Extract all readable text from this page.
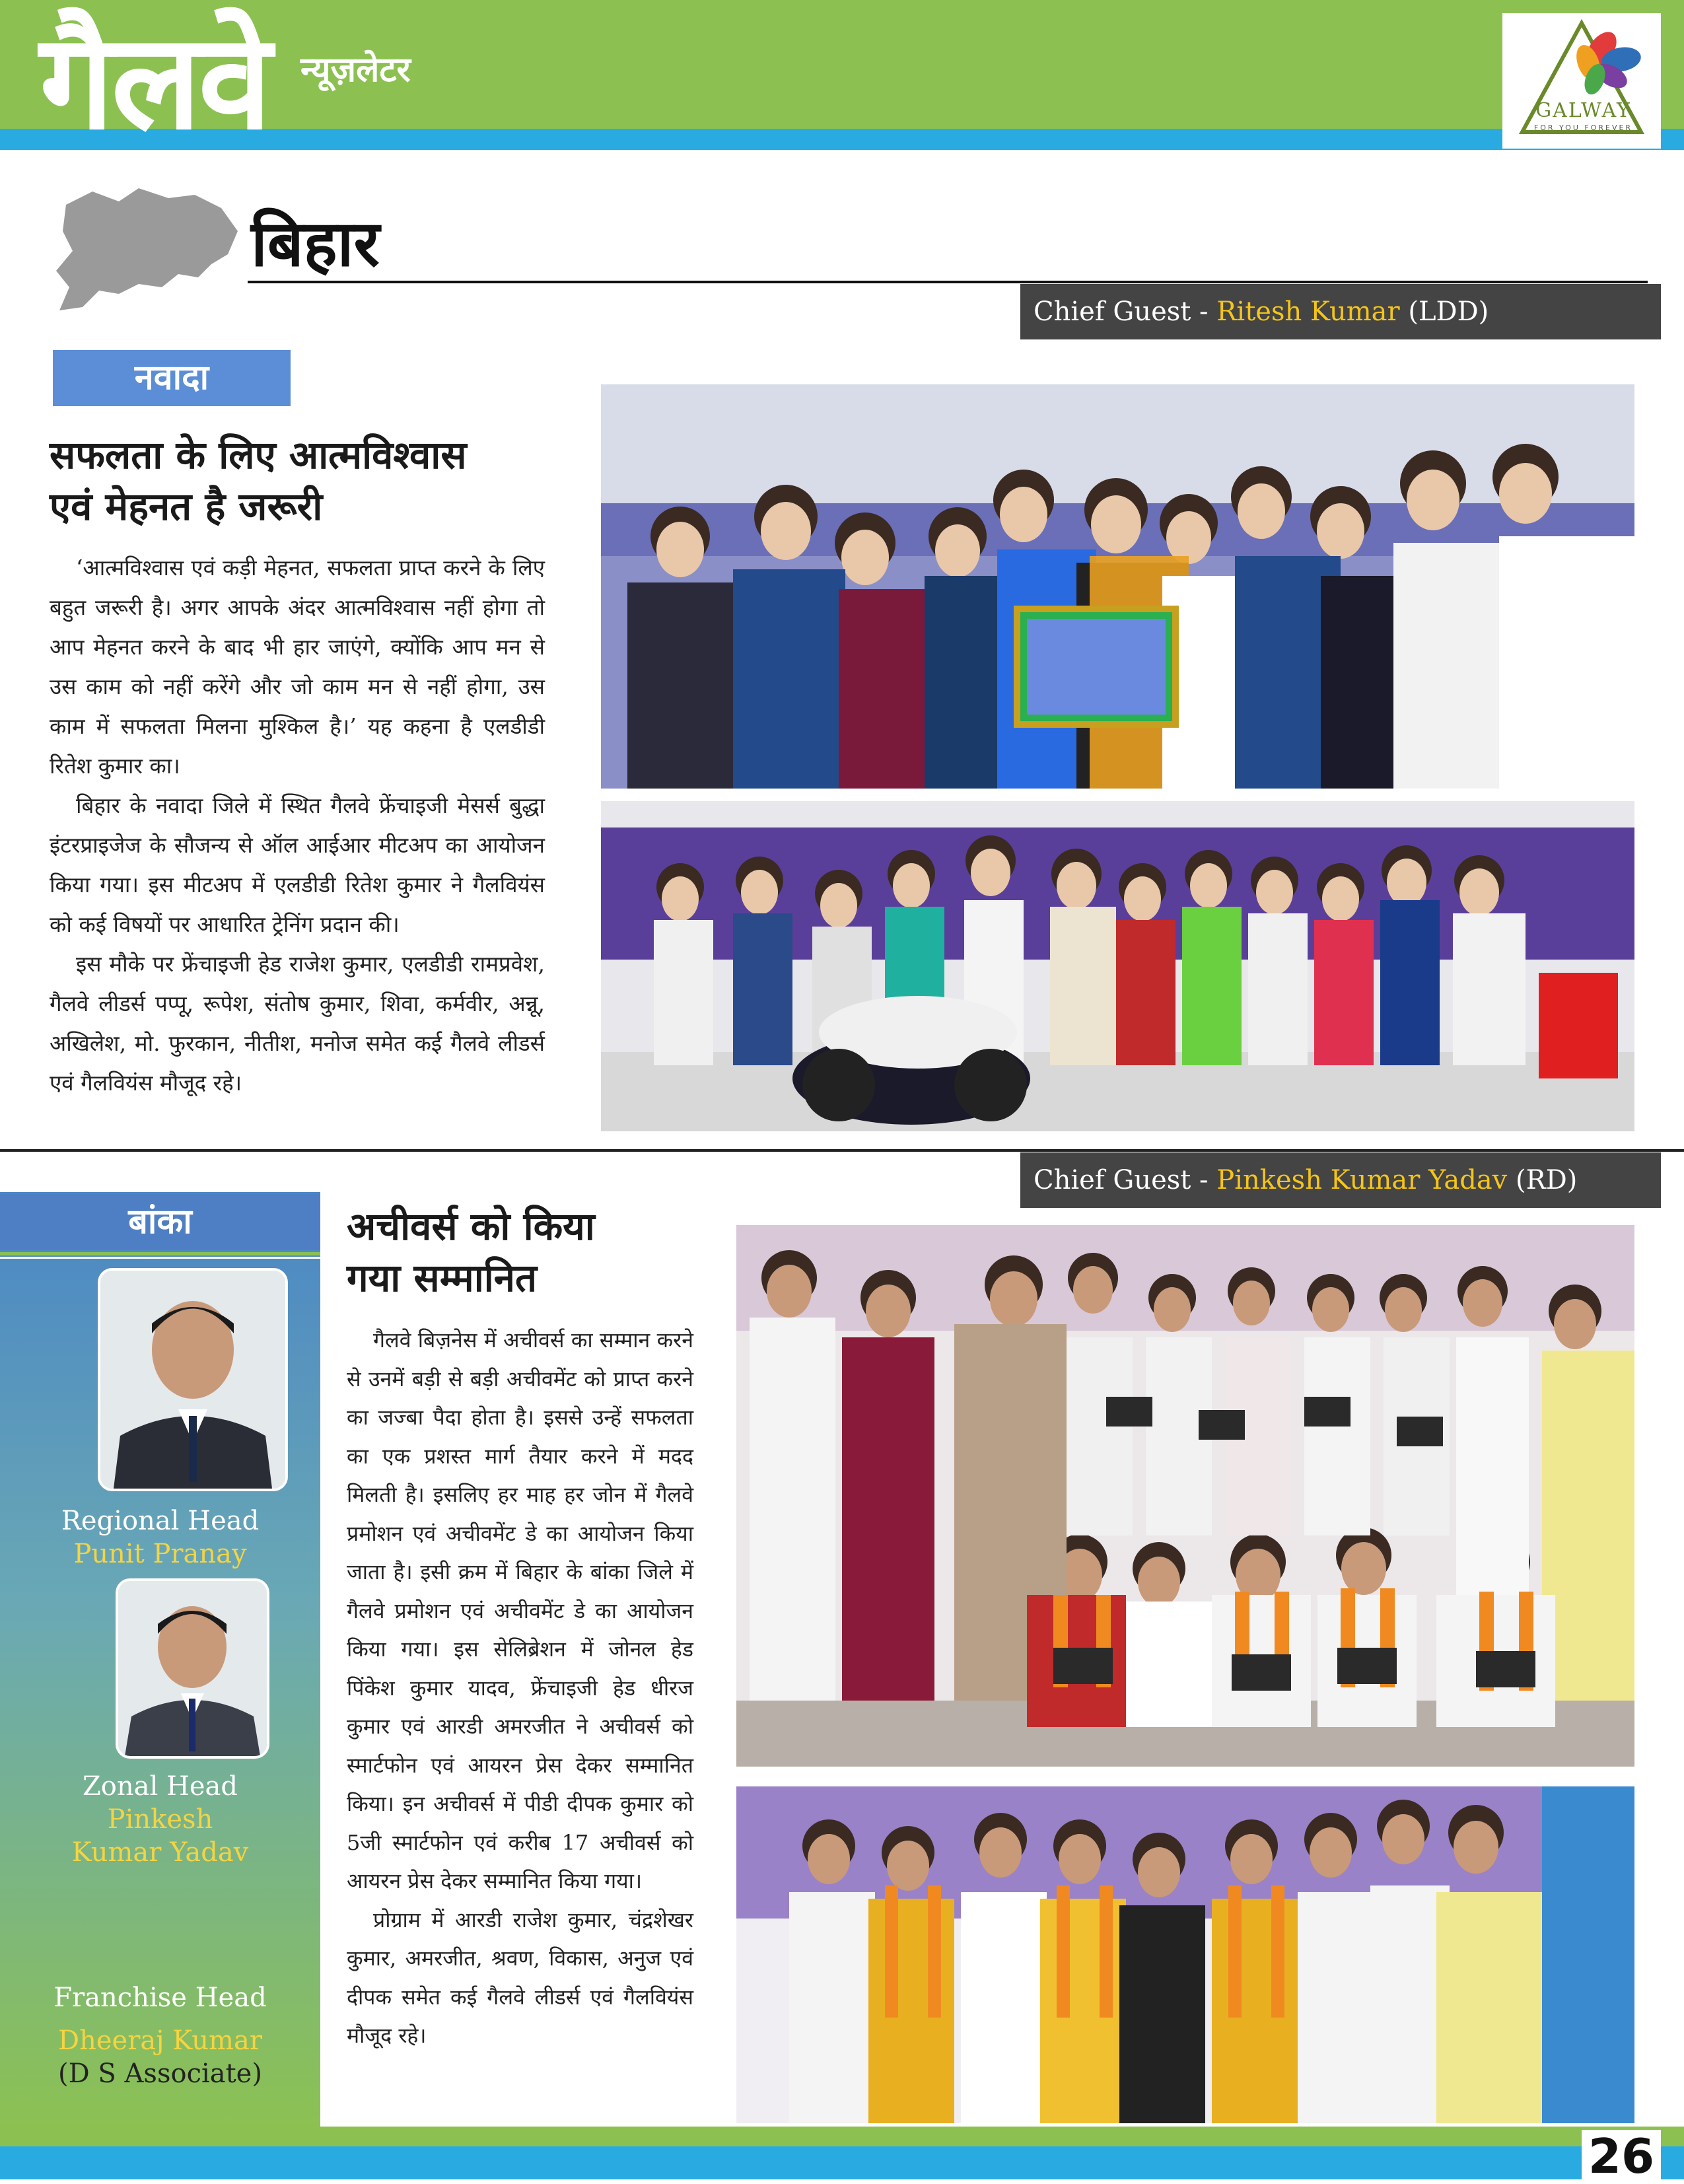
गैलवे न्यूज़लेटर
GALWAY
FOR YOU FOREVER
बिहार
Chief Guest - Ritesh Kumar (LDD)
नवादा
सफलता के लिए आत्मविश्वास
एवं मेहनत है जरूरी

‘आत्मविश्वास एवं कड़ी मेहनत, सफलता प्राप्त करने के लिए बहुत जरूरी है। अगर आपके अंदर आत्मविश्वास नहीं होगा तो आप मेहनत करने के बाद भी हार जाएंगे, क्योंकि आप मन से उस काम को नहीं करेंगे और जो काम मन से नहीं होगा, उस काम में सफलता मिलना मुश्किल है।’ यह कहना है एलडीडी रितेश कुमार का।

बिहार के नवादा जिले में स्थित गैलवे फ्रेंचाइजी मेसर्स बुद्धा इंटरप्राइजेज के सौजन्य से ऑल आईआर मीटअप का आयोजन किया गया। इस मीटअप में एलडीडी रितेश कुमार ने गैलवियंस को कई विषयों पर आधारित ट्रेनिंग प्रदान की।

इस मौके पर फ्रेंचाइजी हेड राजेश कुमार, एलडीडी रामप्रवेश, गैलवे लीडर्स पप्पू, रूपेश, संतोष कुमार, शिवा, कर्मवीर, अन्नू, अखिलेश, मो. फुरकान, नीतीश, मनोज समेत कई गैलवे लीडर्स एवं गैलवियंस मौजूद रहे।

Chief Guest - Pinkesh Kumar Yadav (RD)
बांका
Regional Head
Punit Pranay
Zonal Head
Pinkesh Kumar Yadav
Franchise Head
Dheeraj Kumar
(D S Associate)
अचीवर्स को किया
गया सम्मानित

गैलवे बिज़नेस में अचीवर्स का सम्मान करने से उनमें बड़ी से बड़ी अचीवमेंट को प्राप्त करने का जज्बा पैदा होता है। इससे उन्हें सफलता का एक प्रशस्त मार्ग तैयार करने में मदद मिलती है। इसलिए हर माह हर जोन में गैलवे प्रमोशन एवं अचीवमेंट डे का आयोजन किया जाता है। इसी क्रम में बिहार के बांका जिले में गैलवे प्रमोशन एवं अचीवमेंट डे का आयोजन किया गया। इस सेलिब्रेशन में जोनल हेड पिंकेश कुमार यादव, फ्रेंचाइजी हेड धीरज कुमार एवं आरडी अमरजीत ने अचीवर्स को स्मार्टफोन एवं आयरन प्रेस देकर सम्मानित किया। इन अचीवर्स में पीडी दीपक कुमार को 5जी स्मार्टफोन एवं करीब 17 अचीवर्स को आयरन प्रेस देकर सम्मानित किया गया।

प्रोग्राम में आरडी राजेश कुमार, चंद्रशेखर कुमार, अमरजीत, श्रवण, विकास, अनुज एवं दीपक समेत कई गैलवे लीडर्स एवं गैलवियंस मौजूद रहे।

26
